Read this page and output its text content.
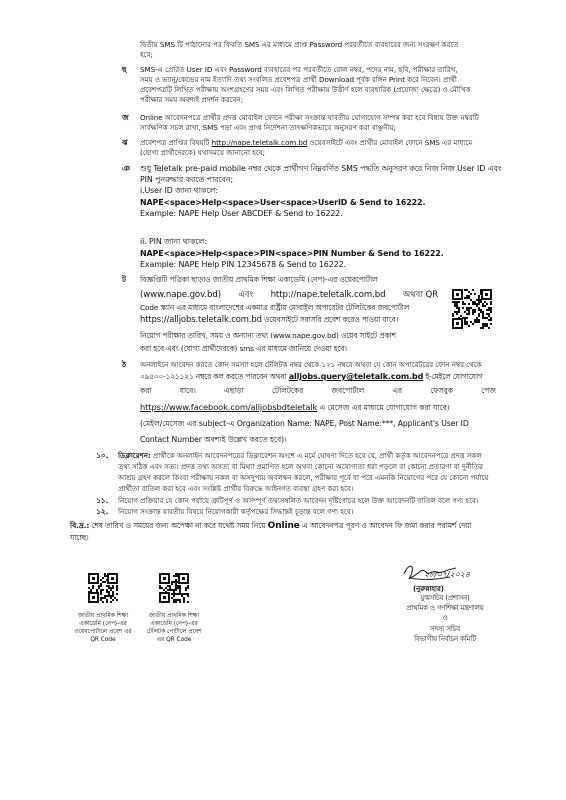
দ্বিতীয় SMS টি পাঠানোর পর ফিরতি SMS এর মাধ্যমে প্রাপ্ত Password পরবর্তীতে ব্যবহারের জন্য সংরক্ষণ করতে
হবে;
ছ SMS-এ প্রেরিত User ID এবং Password ব্যবহারের পর পরবর্তীতে রোল নম্বর, পদের নাম, ছবি, পরীক্ষার তারিখ,
সময় ও ভ্যানু/কেন্দ্রের নাম ইত্যাদি তথ্য সংবলিত প্রবেশপত্র প্রার্থী Download পূর্বক রঙ্গিন Print করে নিবেন। প্রার্থী
প্রবেশপত্রটি লিখিত পরীক্ষায় অংশগ্রহণের সময় এবং লিখিত পরীক্ষায় উত্তীর্ণ হলে ব্যবহারিক (প্রযোজ্য ক্ষেত্রে) ও মৌখিক
পরীক্ষার সময় অবশ্যই প্রদর্শন করবেন;
জ Online আবেদনপত্রে প্রার্থীর প্রদত্ত মোবাইল ফোনে পরীক্ষা সংক্রান্ত যাবতীয় যোগাযোগ সম্পন্ন করা হবে বিধায় উক্ত নম্বরটি
সার্বক্ষণিক সচল রাখা, SMS পড়া এবং প্রাপ্ত নির্দেশনা তাৎক্ষণিকভাবে অনুসরণ করা বাঞ্ছনীয়;
ঝ প্রবেশপত্র প্রাপ্তির বিষয়টি http://nape.teletalk.com.bd ওয়েবসাইটে এবং প্রার্থীর মোবাইল ফোনে SMS এর মাধ্যমে
(যোগ্য প্রার্থীদেরকে) যথাসময়ে জানানো হবে;
ঞ শুধু Teletalk pre-paid mobile নম্বর থেকে প্রার্থীগণ নিম্নবর্ণিত SMS পদ্ধতি অনুসরণ করে নিজ নিজ User ID এবং
PIN পুনরুদ্ধার করতে পারবেন;
i.User ID জানা থাকলে:
NAPE<space>Help<space>User<space>UserID & Send to 16222.
Example: NAPE Help User ABCDEF & Send to 16222.
ii. PIN জানা থাকলে:
NAPE<space>Help<space>PIN<space>PIN Number & Send to 16222.
Example: NAPE Help PIN 12345678 & Send to 16222.
ট বিজ্ঞপ্তিটি পত্রিকা ছাড়াও জাতীয় প্রাথমিক শিক্ষা একাডেমি (নেপ)-এর ওয়েবপোর্টাল
(www.nape.gov.bd) এবং http://nape.teletalk.com.bd অথবা QR
Code স্ক্যান এর মাধ্যমে বাংলাদেশের একমাত্র রাষ্ট্রীয় মোবাইল অপারেটর টেলিটকের জবপোর্টাল
https://alljobs.teletalk.com.bd ওয়েবসাইটে সরাসরি প্রবেশ করেও পাওয়া যাবে।
নিয়োগ পরীক্ষার তারিখ, সময় ও অন্যান্য তথ্য (www.nape.gov.bd) ওয়েব সাইটে প্রকাশ
করা হবে এবং (যোগ্য প্রার্থীদেরকে) sms এর মাধ্যমে জানিয়ে দেওয়া হবে।
ঠ অনলাইনে আবেদন করতে কোন সমস্যা হলে টেলিটক নম্বর থেকে ১২১ নম্বরে অথবা যে কোন অপারেটরের ফোন নম্বর থেকে
০৯৫০০-১২১১২১ নম্বরে কল করতে পারবেন অথবা alljobs.query@teletalk.com.bd ই-মেইলে যোগাযোগ
করা	যাবে।	এছাড়া	টেলিটকের	জবপোর্টাল	এর	ফেসবুক	পেজ
https://www.facebook.com/alljobsbdteletalk এ মেসেজ এর মাধ্যমে যোগাযোগ করা যাবে।
(মেইল/মেসেজ এর subject-এ Organization Name: NAPE, Post Name:***, Applicant's User ID
Contact Number অবশ্যই উল্লেখ করতে হবে)।
১০. ডিক্লারেশন: প্রার্থীকে অনলাইন আবেদনপত্রের ডিক্লারেশন অংশে এ মর্মে ঘোষণা দিতে হবে যে, প্রার্থী কর্তৃক আবেদনপত্রে প্রদত্ত সকল
তথ্য সঠিক এবং সত্য। প্রদত্ত তথ্য অসত্য বা মিথ্যা প্রমাণিত হলে অথবা কোনো অযোগ্যতা ধরা পড়লে বা কোনো প্রতারণা বা দুর্নীতির
আশ্রয় গ্রহণ করলে কিংবা পরীক্ষায় নকল বা অসদুপায় অবলম্বন করলে, পরীক্ষার পূর্বে বা পরে এমনকি নিয়োগের পরে যে কোনো পর্যায়ে
প্রার্থীতা বাতিল করা হবে এবং সংশ্লিষ্ট প্রার্থীর বিরুদ্ধে আইনগত ব্যবস্থা গ্রহণ করা হবে।
১১. নিয়োগ প্রক্রিয়ার যে কোন পর্যায়ে ত্রুটিপূর্ণ ও অসম্পূর্ণ তথ্যসম্বলিত আবেদন দৃষ্টিগোচর হলে উক্ত আবেদনটি বাতিল বলে গণ্য হবে।
১২. নিয়োগ সংক্রান্ত যাবতীয় বিষয়ে নিয়োগকারী কর্তৃপক্ষের সিদ্ধান্তই চূড়ান্ত বলে গণ্য হবে।
বি.দ্র.: শেষ তারিখ ও সময়ের জন্য অপেক্ষা না করে যথেষ্ট সময় নিয়ে Online এ আবেদনপত্র পূরণ ও আবেদন ফি জমা করার পরামর্শ দেয়া
যাচ্ছে।
জাতীয় প্রাথমিক শিক্ষা
একাডেমি (নেপ)-এর
ওয়েবপোর্টালে প্রবেশ এর
QR Code
জাতীয় প্রাথমিক শিক্ষা
একাডেমি (নেপ)-এর
টেলিটক পোর্টালে প্রবেশ
এর QR Code
২৮/০৭/২০২৪
(নুরুন্নাহার)
যুগ্মসচিব (প্রশাসন)
প্রাথমিক ও গণশিক্ষা মন্ত্রণালয়
ও
সদস্য সচিব
বিভাগীয় নির্বাচন কমিটি
